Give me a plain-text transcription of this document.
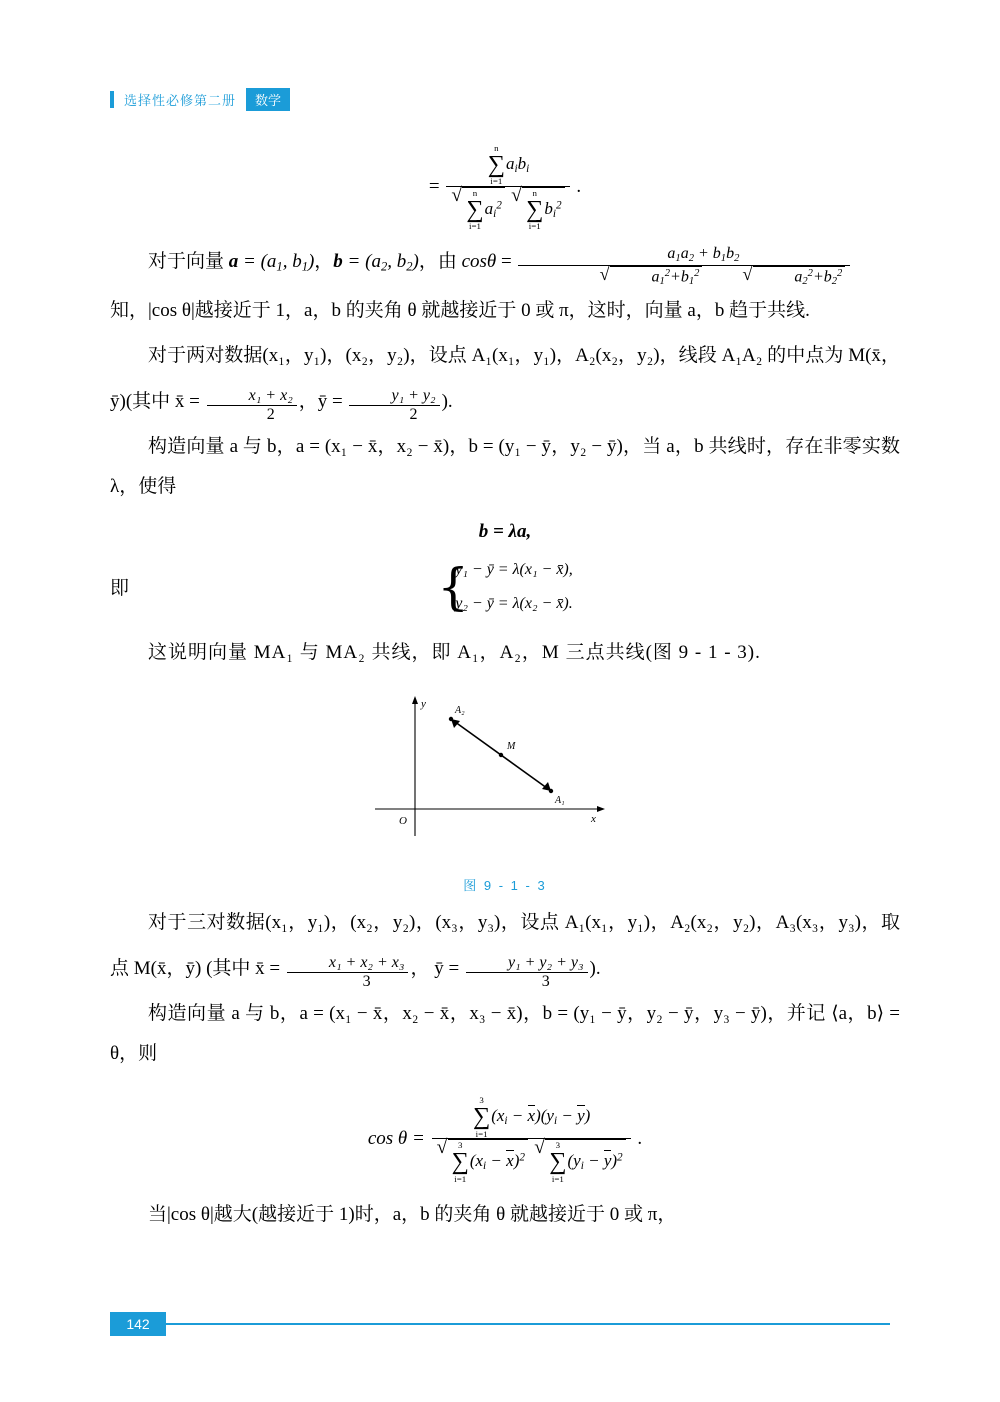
选择性必修第二册	数学
=
n
∑
i=1
$a_ib_i$
√ n
∑
i=1
$a_i^2$
√ n
∑
i=1
$b_i^2$
.
对于向量 $a = (a_1$, $b_1$)，$b = (a_2$, $b_2$)，由 $\cos\theta = a_1a_2 + b_1b_2$
√ $a_1^2+b_1^2$	√ $a_2^2+b_2^2$
知，|cos θ|越接近于 1，a，b 的夹角 θ 就越接近于 0 或 π，这时，向量 a，b 趋于共线.
对于两对数据(x₁，y₁)，(x₂，y₂)，设点 A₁(x₁，y₁)，A₂(x₂，y₂)，线段 A₁A₂ 的中点为 M(x̄，ȳ)(其中 x̄ = $\frac{\text{x₁ + x₂}}{2}$ ，ȳ = $\frac{\text{y₁ + y₂}}{2}$ ).
构造向量 a 与 b，a = (x₁ − x̄，x₂ − x̄)，b = (y₁ − ȳ，y₂ − ȳ)，当 a，b 共线时，存在非零实数 λ，使得
b = λa,
即	{
y₁ − ȳ = λ(x₁ − x̄),
y₂ − ȳ = λ(x₂ − x̄).
这说明向量 MA₁ 与 MA₂ 共线，即 A₁，A₂，M 三点共线(图 9 - 1 - 3).
y
x
O
A₂
M
A₁
图 9 - 1 - 3
对于三对数据(x₁，y₁)，(x₂，y₂)，(x₃，y₃)，设点 A₁(x₁，y₁)，A₂(x₂，y₂)，A₃(x₃，y₃)，取点 M(x̄，ȳ) (其中 x̄ = $\frac{\text{x₁ + x₂ + x₃}}{3}$ ， ȳ = $\frac{\text{y₁ + y₂ + y₃}}{3}$ ).
构造向量 a 与 b，a = (x₁ − x̄，x₂ − x̄，x₃ − x̄)，b = (y₁ − ȳ，y₂ − ȳ，y₃ − ȳ)，并记 ⟨a，b⟩ = θ，则
cos θ =
3
∑
i=1
$(x_i - x)(y_i - y)$
√ 3
∑
i=1
$(x_i - x)^2$
√ 3
∑
i=1
$(y_i - y)^2$
.
当|cos θ|越大(越接近于 1)时，a，b 的夹角 θ 就越接近于 0 或 π，
142
